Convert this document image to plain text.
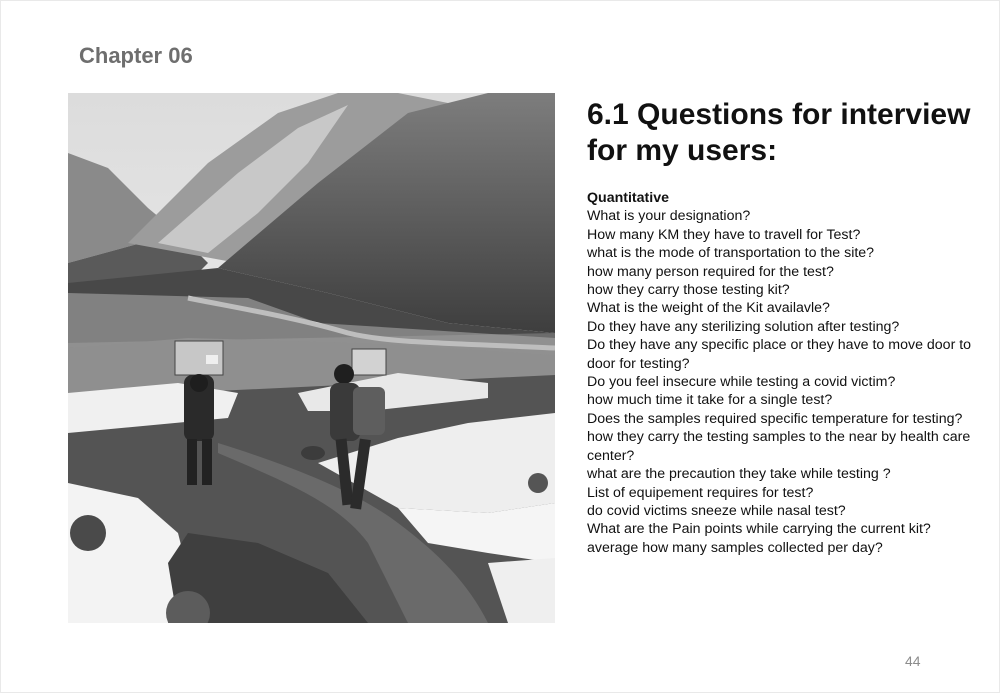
Chapter 06
6.1 Questions for interview for my users:
Quantitative
What is your designation?
How many KM they have to travell for Test?
what is the mode of transportation to the site?
how many person required for the test?
how they carry those testing kit?
What is the weight of the Kit availavle?
Do they have any sterilizing solution after testing?
Do they have any specific place or they have to move door to door for testing?
Do you feel insecure while testing a covid victim?
how much time it take for a single test?
Does the samples required specific temperature for testing?
how they carry the testing samples to the near by health care center?
what are the precaution they take while testing ?
List of equipement requires for test?
do covid victims sneeze while nasal test?
What are the Pain points while carrying the current kit?
average how many samples collected per day?
44
